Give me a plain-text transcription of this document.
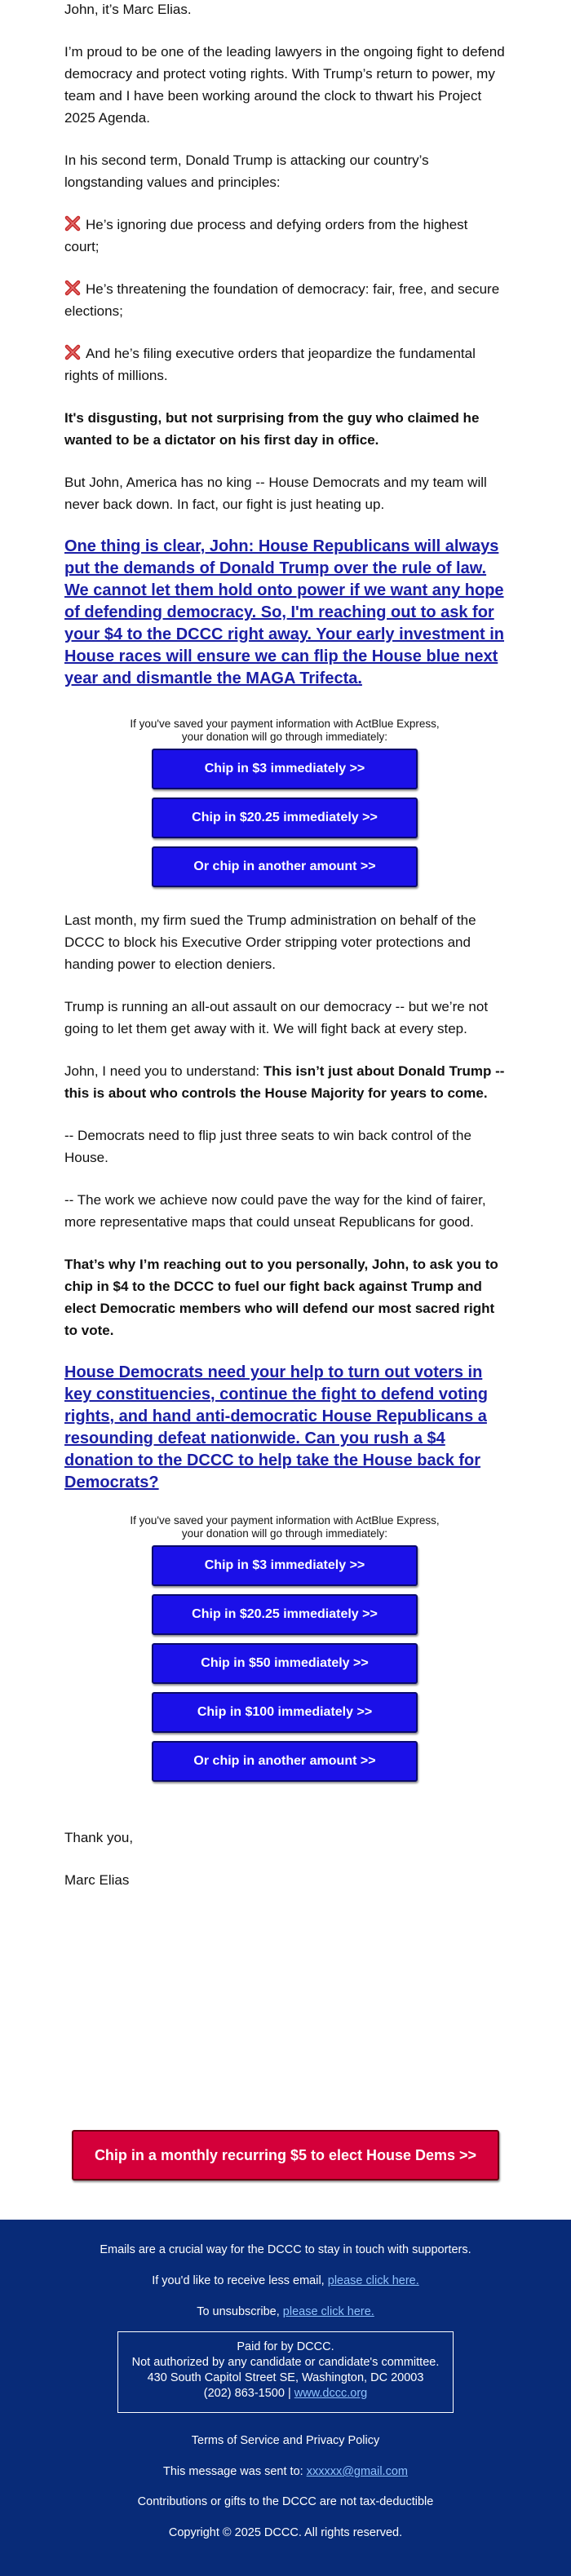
John, it’s Marc Elias.

I’m proud to be one of the leading lawyers in the ongoing fight to defend democracy and protect voting rights. With Trump’s return to power, my team and I have been working around the clock to thwart his Project 2025 Agenda.

In his second term, Donald Trump is attacking our country’s longstanding values and principles:

He’s ignoring due process and defying orders from the highest court;

He’s threatening the foundation of democracy: fair, free, and secure elections;

And he’s filing executive orders that jeopardize the fundamental rights of millions.

It's disgusting, but not surprising from the guy who claimed he wanted to be a dictator on his first day in office.

But John, America has no king -- House Democrats and my team will never back down. In fact, our fight is just heating up.

One thing is clear, John: House Republicans will always put the demands of Donald Trump over the rule of law. We cannot let them hold onto power if we want any hope of defending democracy. So, I'm reaching out to ask for your $4 to the DCCC right away. Your early investment in House races will ensure we can flip the House blue next year and dismantle the MAGA Trifecta.
If you've saved your payment information with ActBlue Express,
your donation will go through immediately:
Chip in $3 immediately >>
Chip in $20.25 immediately >>
Or chip in another amount >>

Last month, my firm sued the Trump administration on behalf of the DCCC to block his Executive Order stripping voter protections and handing power to election deniers.

Trump is running an all-out assault on our democracy -- but we’re not going to let them get away with it. We will fight back at every step.

John, I need you to understand: This isn’t just about Donald Trump -- this is about who controls the House Majority for years to come.

-- Democrats need to flip just three seats to win back control of the House.

-- The work we achieve now could pave the way for the kind of fairer, more representative maps that could unseat Republicans for good.

That’s why I’m reaching out to you personally, John, to ask you to chip in $4 to the DCCC to fuel our fight back against Trump and elect Democratic members who will defend our most sacred right to vote.

House Democrats need your help to turn out voters in key constituencies, continue the fight to defend voting rights, and hand anti-democratic House Republicans a resounding defeat nationwide. Can you rush a $4 donation to the DCCC to help take the House back for Democrats?
If you've saved your payment information with ActBlue Express,
your donation will go through immediately:
Chip in $3 immediately >>
Chip in $20.25 immediately >>
Chip in $50 immediately >>
Chip in $100 immediately >>
Or chip in another amount >>

Thank you,

Marc Elias

Chip in a monthly recurring $5 to elect House Dems >>
Emails are a crucial way for the DCCC to stay in touch with supporters.
If you'd like to receive less email, please click here.
To unsubscribe, please click here.
Paid for by DCCC.
Not authorized by any candidate or candidate's committee.
430 South Capitol Street SE, Washington, DC 20003
(202) 863-1500 | www.dccc.org
Terms of Service and Privacy Policy
This message was sent to: xxxxxx@gmail.com
Contributions or gifts to the DCCC are not tax-deductible
Copyright © 2025 DCCC. All rights reserved.
